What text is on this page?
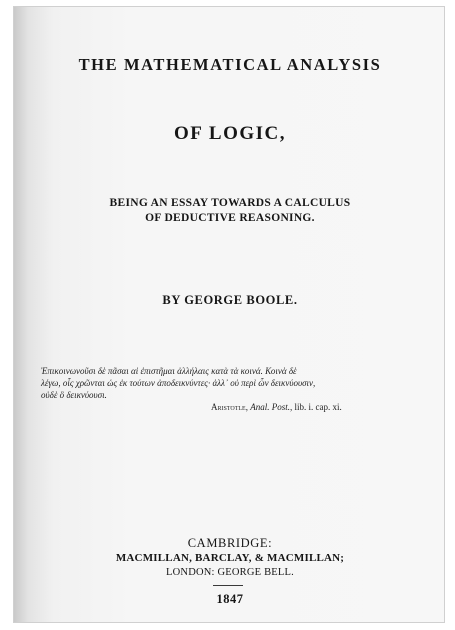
THE MATHEMATICAL ANALYSIS
OF LOGIC,
BEING AN ESSAY TOWARDS A CALCULUS
OF DEDUCTIVE REASONING.
BY GEORGE BOOLE.
Ἐπικοινωνοῦσι δὲ πᾶσαι αἱ ἐπιστῆμαι ἀλλήλαις κατὰ τὰ κοινά. Κοινὰ δὲ
λέγω, οἷς χρῶνται ὡς ἐκ τούτων ἀποδεικνύντες· ἀλλ᾽ οὐ περὶ ὧν δεικνύουσιν,
οὐδὲ ὃ δεικνύουσι.
Aristotle, Anal. Post., lib. i. cap. xi.
CAMBRIDGE:
MACMILLAN, BARCLAY, & MACMILLAN;
LONDON: GEORGE BELL.
1847
